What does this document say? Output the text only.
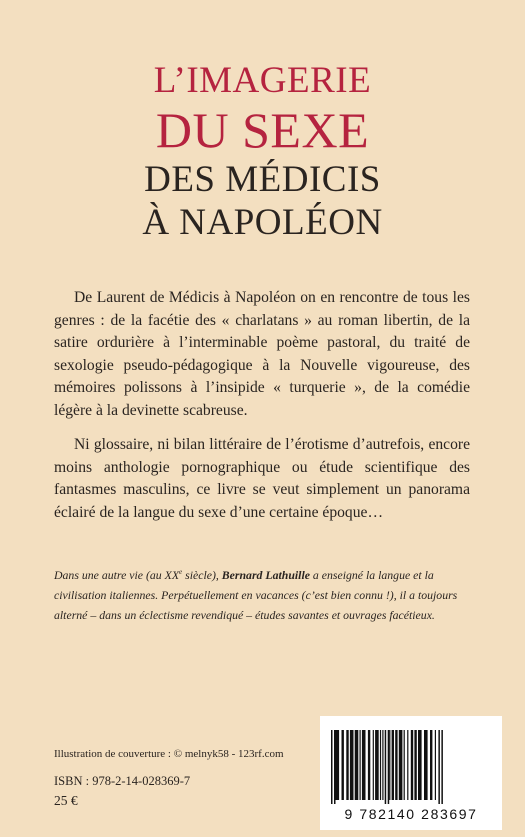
L’IMAGERIE
DU SEXE
DES MÉDICIS
À NAPOLÉON

De Laurent de Médicis à Napoléon on en rencontre de tous les genres : de la facétie des « charlatans » au roman libertin, de la satire ordurière à l’interminable poème pastoral, du traité de sexologie pseudo-pédagogique à la Nouvelle vigoureuse, des mémoires polissons à l’insipide « turquerie », de la comédie légère à la devinette scabreuse.

Ni glossaire, ni bilan littéraire de l’érotisme d’autrefois, encore moins anthologie pornographique ou étude scientifique des fantasmes masculins, ce livre se veut simplement un panorama éclairé de la langue du sexe d’une certaine époque…

Dans une autre vie (au XXe siècle), Bernard Lathuille a enseigné la langue et la civilisation italiennes. Perpétuellement en vacances (c’est bien connu !), il a toujours alterné – dans un éclectisme revendiqué – études savantes et ouvrages facétieux.
Illustration de couverture : © melnyk58 - 123rf.com
ISBN : 978-2-14-028369-7
25 €
9 782140 283697
